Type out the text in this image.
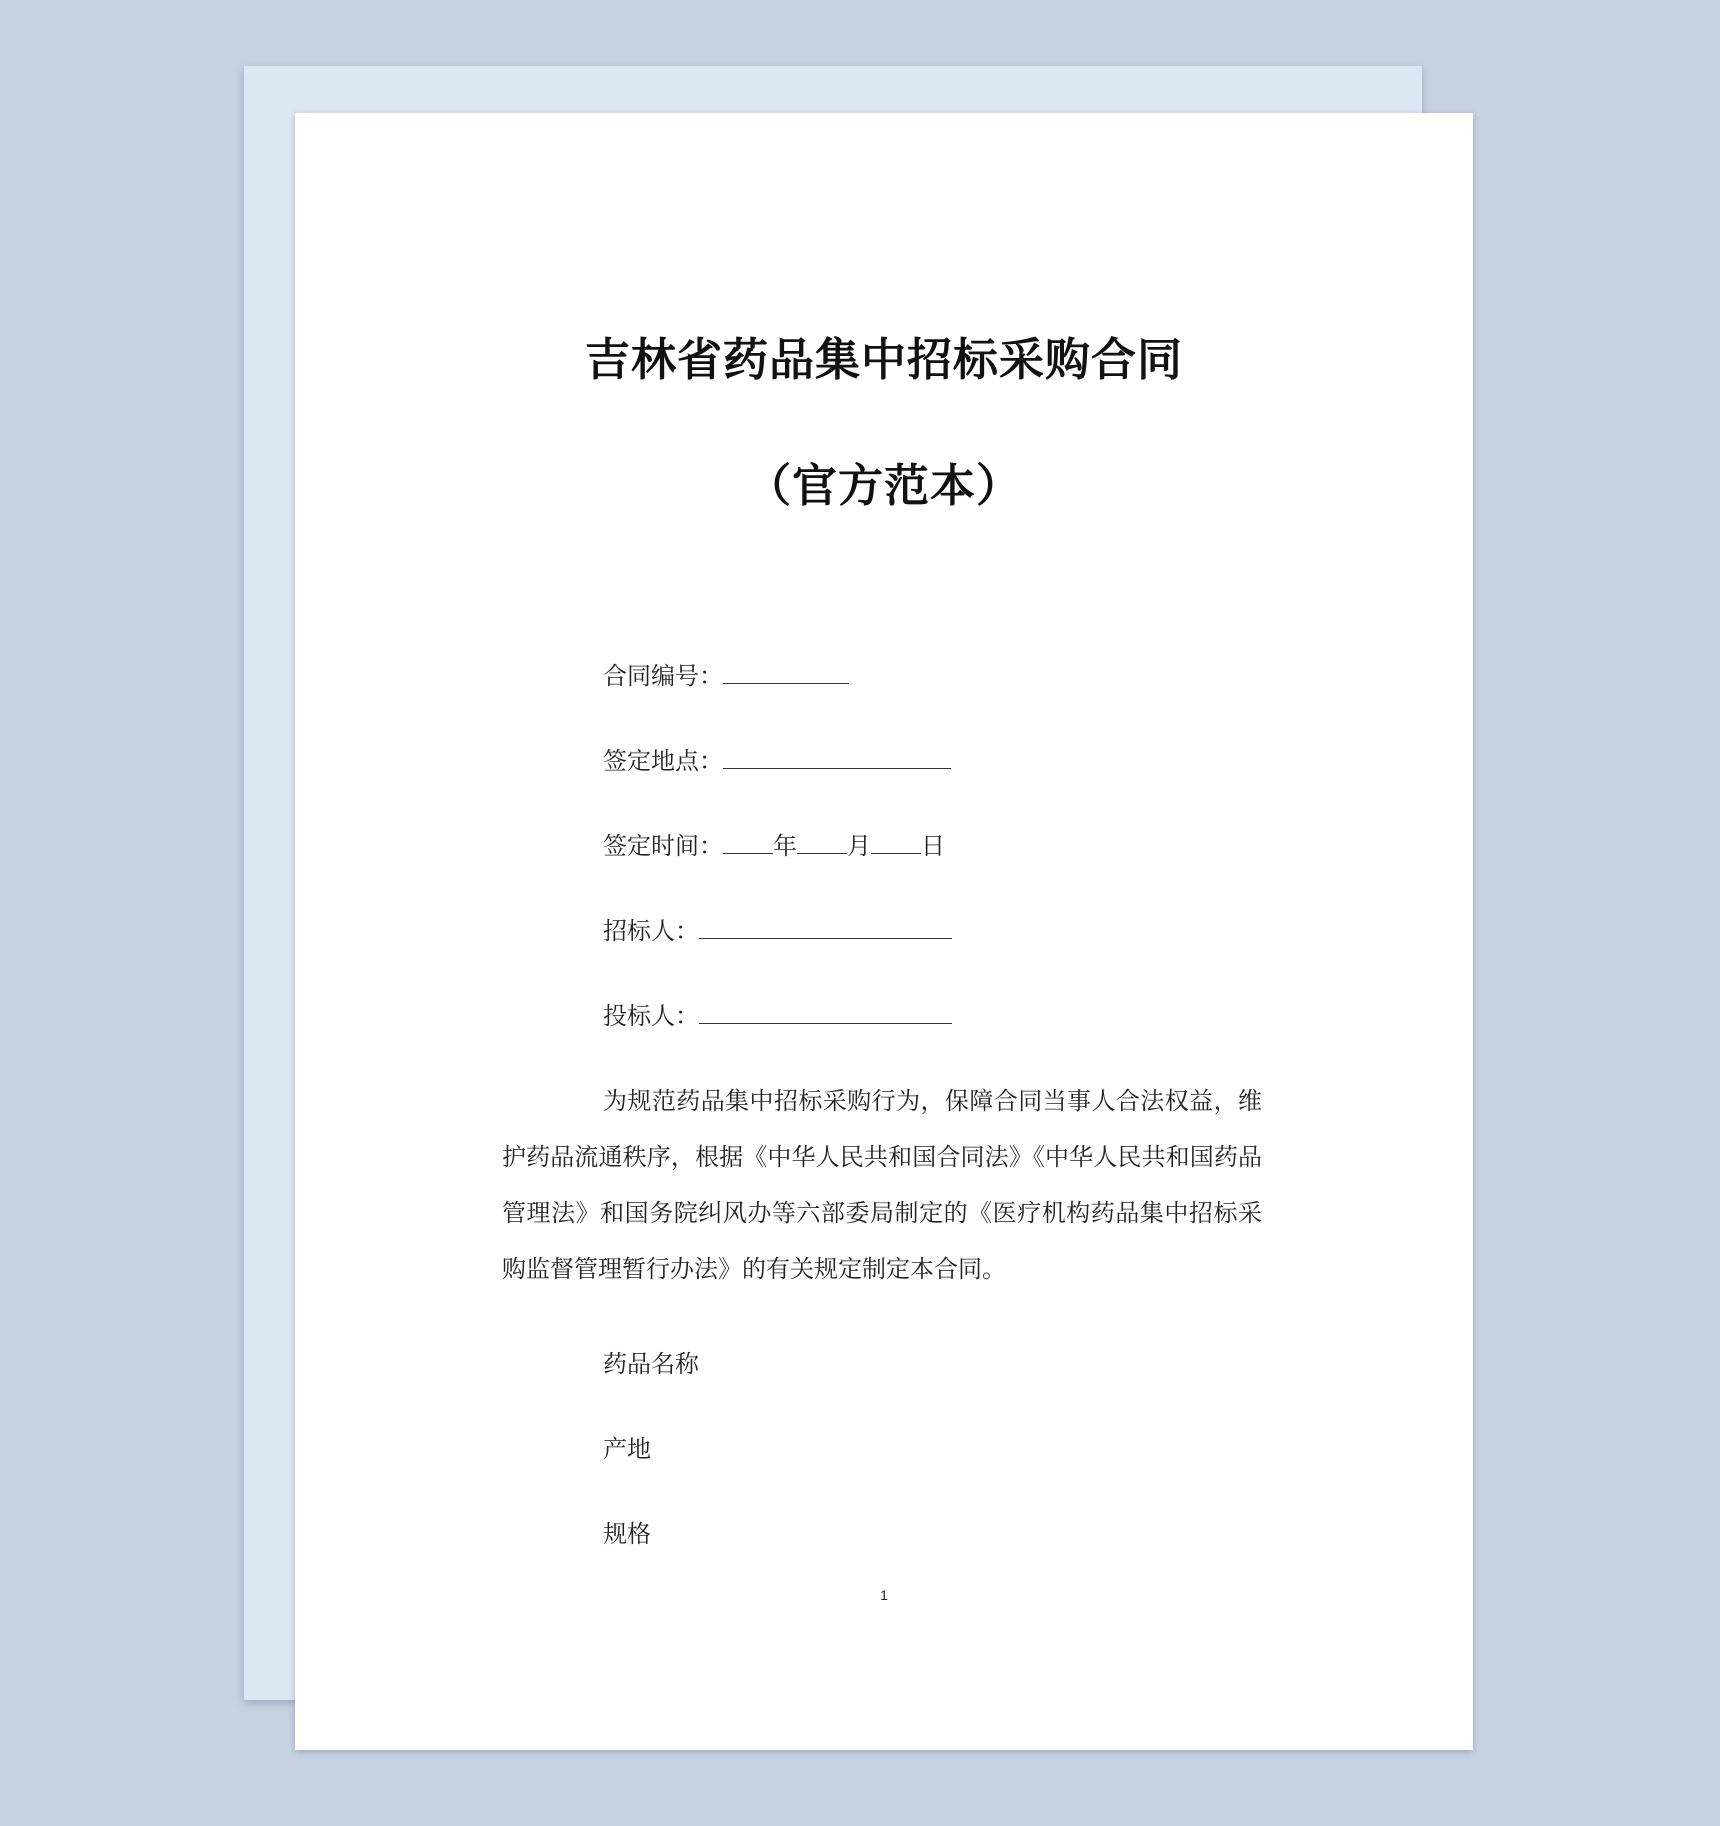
吉林省药品集中招标采购合同
（官方范本）
合同编号：
签定地点：
签定时间： 年 月 日
招标人：
投标人：
为规范药品集中招标采购行为，保障合同当事人合法权益，维护药品流通秩序，根据《中华人民共和国合同法》《中华人民共和国药品管理法》和国务院纠风办等六部委局制定的《医疗机构药品集中招标采购监督管理暂行办法》的有关规定制定本合同。
药品名称
产地
规格
1
